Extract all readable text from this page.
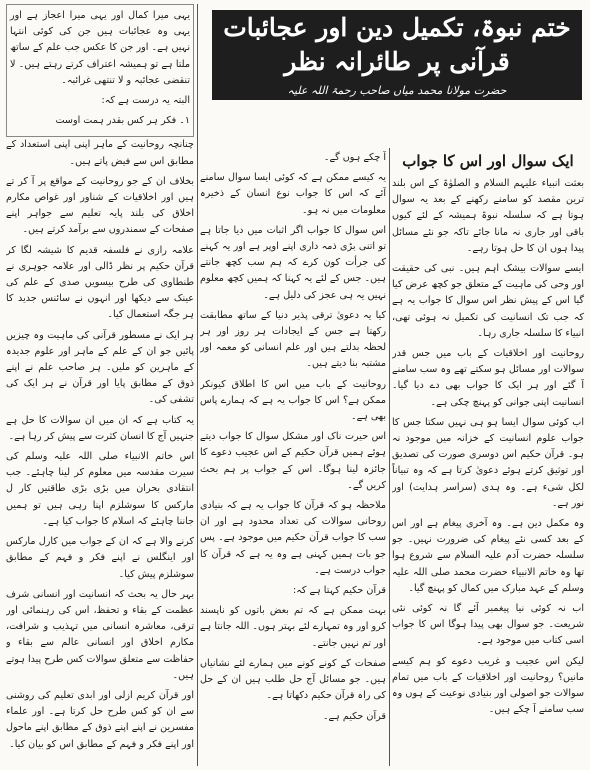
ختم نبوۃ، تکمیل دین اور عجائبات قرآنی پر طائرانہ نظر
حضرت مولانا محمد میاں صاحب رحمۃ اللہ علیہ
ایک سوال اور اس کا جواب

بعثت انبیاء علیہم السلام و الصلوٰۃ کے اس بلند ترین مقصد کو سامنے رکھنے کے بعد یہ سوال ہوتا ہے کہ سلسلہ نبوۃ ہمیشہ کے لئے کیوں باقی اور جاری نہ مانا جائے تاکہ جو نئے مسائل پیدا ہوں ان کا حل ہوتا رہے۔

ایسے سوالات بیشک اہم ہیں۔ نبی کی حقیقت اور وحی کی ماہیت کے متعلق جو کچھ عرض کیا گیا اس کے پیش نظر اس سوال کا جواب یہ ہے کہ جب تک انسانیت کی تکمیل نہ ہوئی تھی، انبیاء کا سلسلہ جاری رہا۔

روحانیت اور اخلاقیات کے باب میں جس قدر سوالات اور مسائل ہو سکتے تھے وہ سب سامنے آ گئے اور ہر ایک کا جواب بھی دے دیا گیا۔ انسانیت اپنی جوانی کو پہنچ چکی ہے۔

اب کوئی سوال ایسا ہو ہی نہیں سکتا جس کا جواب علوم انسانیت کے خزانہ میں موجود نہ ہو۔ قرآن حکیم اس دوسری صورت کی تصدیق اور توثیق کرتے ہوئے دعویٰ کرتا ہے کہ وہ تبیاناً لکل شیء ہے۔ وہ ہدی (سراسر ہدایت) اور نور ہے۔

وہ مکمل دین ہے۔ وہ آخری پیغام ہے اور اس کے بعد کسی نئے پیغام کی ضرورت نہیں۔ جو سلسلہ حضرت آدم علیہ السلام سے شروع ہوا تھا وہ خاتم الانبیاء حضرت محمد صلی اللہ علیہ وسلم کے عہد مبارک میں کمال کو پہنچ گیا۔

اب نہ کوئی نیا پیغمبر آئے گا نہ کوئی نئی شریعت۔ جو سوال بھی پیدا ہوگا اس کا جواب اسی کتاب میں موجود ہے۔

لیکن اس عجیب و غریب دعوے کو ہم کیسے مانیں؟ روحانیت اور اخلاقیات کے باب میں تمام سوالات جو اصولی اور بنیادی نوعیت کے ہوں وہ سب سامنے آ چکے ہیں۔

آ چکے ہوں گے۔

یہ کیسے ممکن ہے کہ کوئی ایسا سوال سامنے آئے کہ اس کا جواب نوع انسان کے ذخیرہ معلومات میں نہ ہو۔

اس سوال کا جواب اگر اثبات میں دیا جاتا ہے تو اتنی بڑی ذمہ داری اپنے اوپر ہے اور یہ کہنے کی جرأت کون کرے کہ ہم سب کچھ جانتے ہیں۔ جس کے لئے یہ کہنا کہ ہمیں کچھ معلوم نہیں یہ ہی عجز کی دلیل ہے۔

کیا یہ دعویٰ ترقی پذیر دنیا کے ساتھ مطابقت رکھتا ہے جس کے ایجادات ہر روز اور ہر لحظہ بدلتے ہیں اور علم انسانی کو معمہ اور مشتبہ بنا دیتے ہیں۔

روحانیت کے باب میں اس کا اطلاق کیونکر ممکن ہے؟ اس کا جواب یہ ہے کہ ہمارے پاس بھی ہے۔

اس حیرت ناک اور مشکل سوال کا جواب دیتے ہوئے ہمیں قرآن حکیم کے اس عجیب دعوے کا جائزہ لینا ہوگا۔ اس کے جواب پر ہم بحث کریں گے۔

ملاحظہ ہو کہ قرآن کا جواب یہ ہے کہ بنیادی روحانی سوالات کی تعداد محدود ہے اور ان سب کا جواب قرآن حکیم میں موجود ہے۔ پس جو بات ہمیں کہنی ہے وہ یہ ہے کہ قرآن کا جواب درست ہے۔

قرآن حکیم کہتا ہے کہ:

بہت ممکن ہے کہ تم بعض باتوں کو ناپسند کرو اور وہ تمہارے لئے بہتر ہوں۔ اللہ جانتا ہے اور تم نہیں جانتے۔

صفحات کے کونے کونے میں ہمارے لئے نشانیاں ہیں۔ جو مسائل آج حل طلب ہیں ان کے حل کی راہ قرآن حکیم دکھاتا ہے۔

قرآن حکیم ہے۔

یہی میرا کمال اور یہی میرا اعجاز ہے اور یہی وہ عجائبات ہیں جن کی کوئی انتہا نہیں ہے۔ اور جن کا عکس جب علم کے ساتھ ملتا ہے تو ہمیشہ اعتراف کرتے رہتے ہیں۔ لا تنقضی عجائبہ و لا تنتھی غرائبہ۔

البتہ یہ درست ہے کہ:

۱۔ فکر ہر کس بقدر ہمت اوست

چنانچہ روحانیت کے ماہر اپنی اپنی استعداد کے مطابق اس سے فیض پاتے ہیں۔

بخلاف ان کے جو روحانیت کے مواقع پر آ کر تے ہیں اور اخلاقیات کے شناور اور غواص مکارم اخلاق کی بلند پایہ تعلیم سے جواہر اپنے صفحات کے سمندروں سے برآمد کرتے ہیں۔

علامہ رازی نے فلسفہ قدیم کا شیشہ لگا کر قرآن حکیم پر نظر ڈالی اور علامہ جوہری نے طنطاوی کی طرح بیسویں صدی کے علم کی عینک سے دیکھا اور انہوں نے سائنس جدید کا ہر جگہ استعمال کیا۔

ہر ایک نے مسطور قرآنی کی ماہیت وہ چیزیں پائیں جو ان کے علم کے ماہر اور علوم جدیدہ کے ماہرین کو ملیں۔ ہر صاحب علم نے اپنے ذوق کے مطابق پایا اور قرآن نے ہر ایک کی تشفی کی۔

یہ کتاب ہے کہ ان میں ان سوالات کا حل ہے جنہیں آج کا انسان کثرت سے پیش کر رہا ہے۔

اس خاتم الانبیاء صلی اللہ علیہ وسلم کی سیرت مقدسہ میں معلوم کر لینا چاہئے۔ جب انتقادی بحران میں بڑی بڑی طاقتیں کار ل مارکس کا سوشلزم اپنا رہی ہیں تو ہمیں جاننا چاہئے کہ اسلام کا جواب کیا ہے۔

کرنے والا ہے کہ ان کے جواب میں کارل مارکس اور اینگلس نے اپنے فکر و فہم کے مطابق سوشلزم پیش کیا۔

بہر حال یہ بحث کہ انسانیت اور انسانی شرف عظمت کے بقاء و تحفظ، اس کی رہنمائی اور ترقی، معاشرہ انسانی میں تہذیب و شرافت، مکارم اخلاق اور انسانی عالم سے بقاء و حفاظت سے متعلق سوالات کس طرح پیدا ہوتے ہیں۔

اور قرآن کریم ازلی اور ابدی تعلیم کی روشنی سے ان کو کس طرح حل کرتا ہے۔ اور علماء مفسرین نے اپنے اپنے ذوق کے مطابق اپنے ماحول اور اپنے فکر و فہم کے مطابق اس کو بیان کیا۔
